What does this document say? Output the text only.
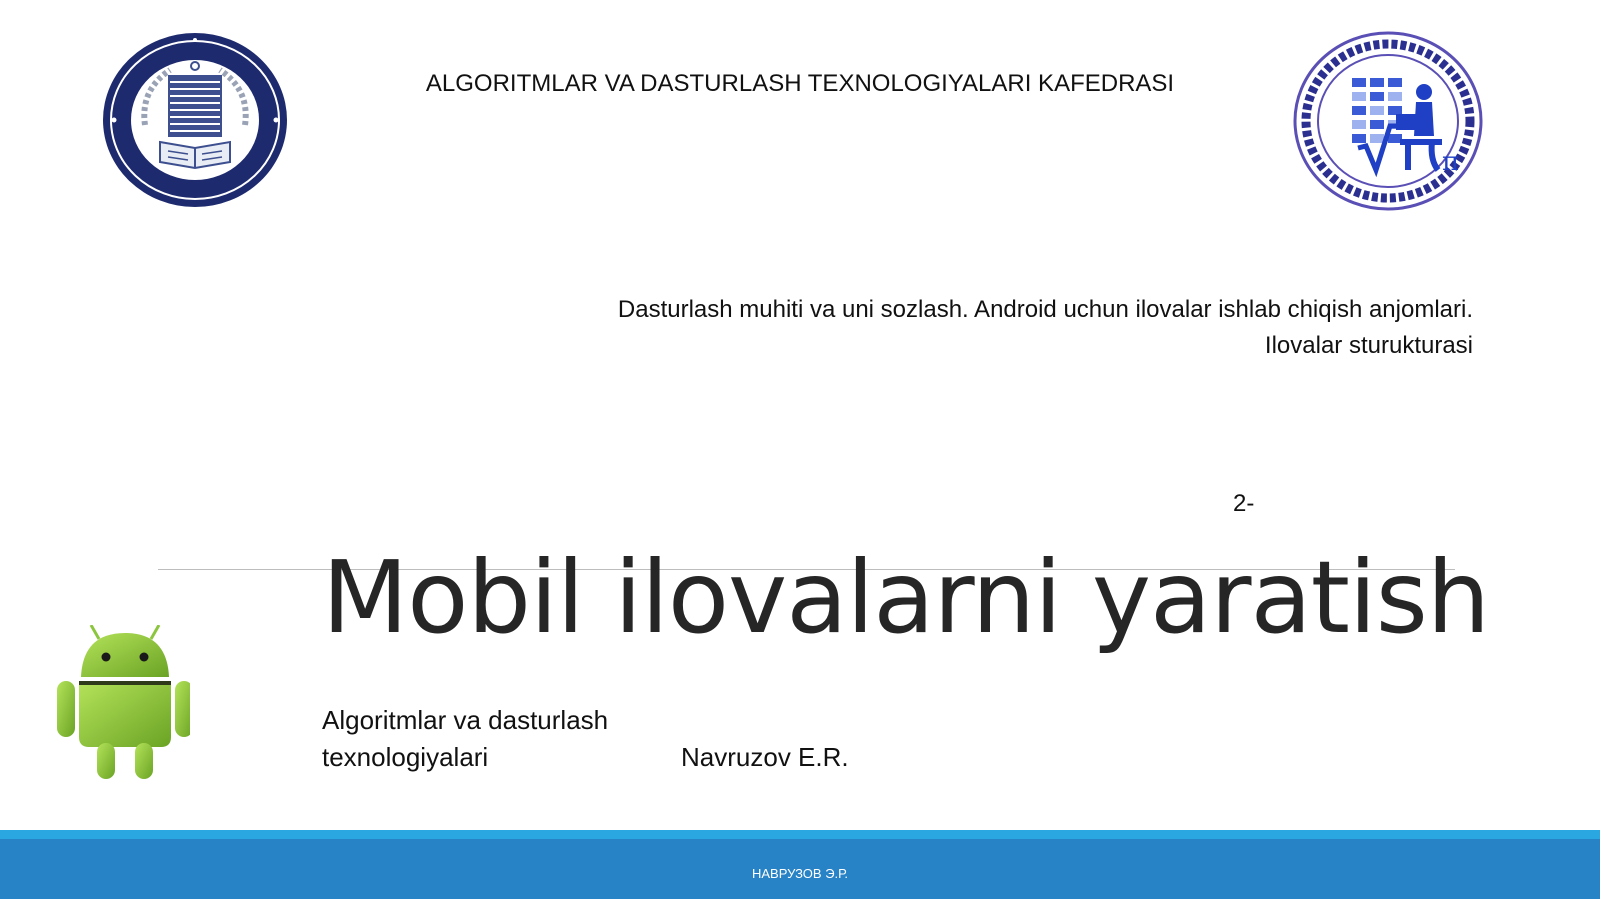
ALGORITMLAR VA DASTURLASH TEXNOLOGIYALARI KAFEDRASI
π
Dasturlash muhiti va uni sozlash. Android uchun ilovalar ishlab chiqish anjomlari.
Ilovalar sturukturasi
2-
Mobil ilovalarni yaratish
Algoritmlar va dasturlash
texnologiyalari	Navruzov E.R.
НАВРУЗОВ Э.Р.
